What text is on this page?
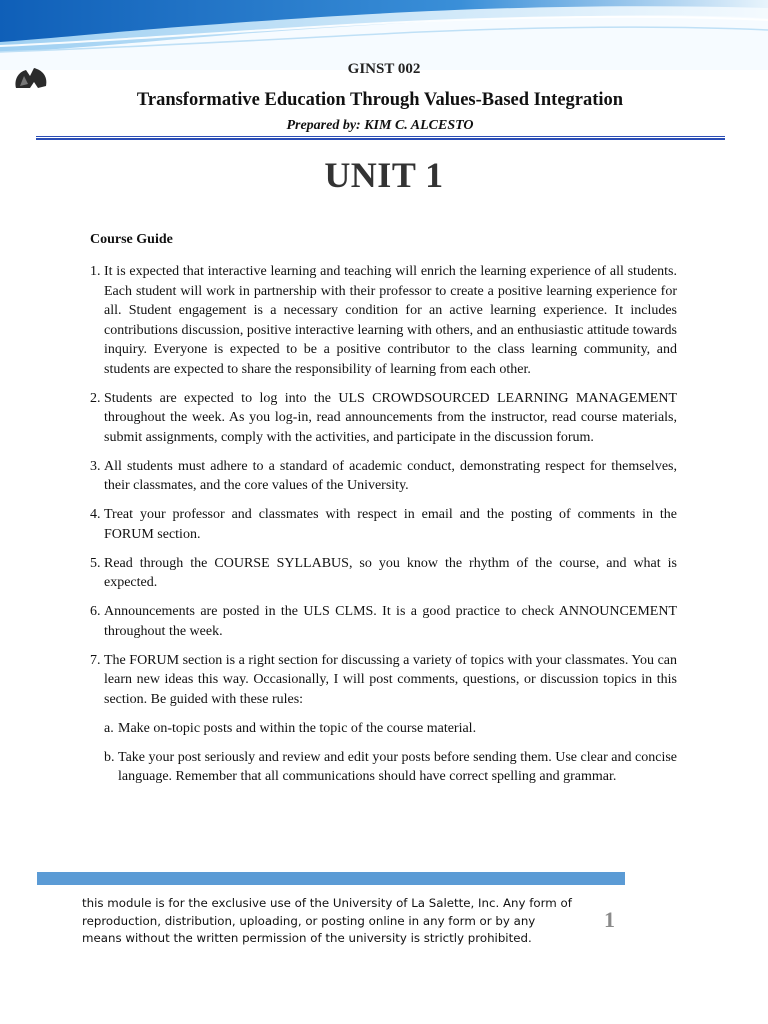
GINST 002
Transformative Education Through Values-Based Integration
Prepared by: KIM C. ALCESTO
UNIT 1
Course Guide
1. It is expected that interactive learning and teaching will enrich the learning experience of all students. Each student will work in partnership with their professor to create a positive learning experience for all. Student engagement is a necessary condition for an active learning experience. It includes contributions discussion, positive interactive learning with others, and an enthusiastic attitude towards inquiry. Everyone is expected to be a positive contributor to the class learning community, and students are expected to share the responsibility of learning from each other.
2. Students are expected to log into the ULS CROWDSOURCED LEARNING MANAGEMENT throughout the week. As you log-in, read announcements from the instructor, read course materials, submit assignments, comply with the activities, and participate in the discussion forum.
3. All students must adhere to a standard of academic conduct, demonstrating respect for themselves, their classmates, and the core values of the University.
4. Treat your professor and classmates with respect in email and the posting of comments in the FORUM section.
5. Read through the COURSE SYLLABUS, so you know the rhythm of the course, and what is expected.
6. Announcements are posted in the ULS CLMS. It is a good practice to check ANNOUNCEMENT throughout the week.
7. The FORUM section is a right section for discussing a variety of topics with your classmates. You can learn new ideas this way. Occasionally, I will post comments, questions, or discussion topics in this section. Be guided with these rules:
a. Make on-topic posts and within the topic of the course material.
b. Take your post seriously and review and edit your posts before sending them. Use clear and concise language. Remember that all communications should have correct spelling and grammar.
this module is for the exclusive use of the University of La Salette, Inc. Any form of reproduction, distribution, uploading, or posting online in any form or by any means without the written permission of the university is strictly prohibited.
1
